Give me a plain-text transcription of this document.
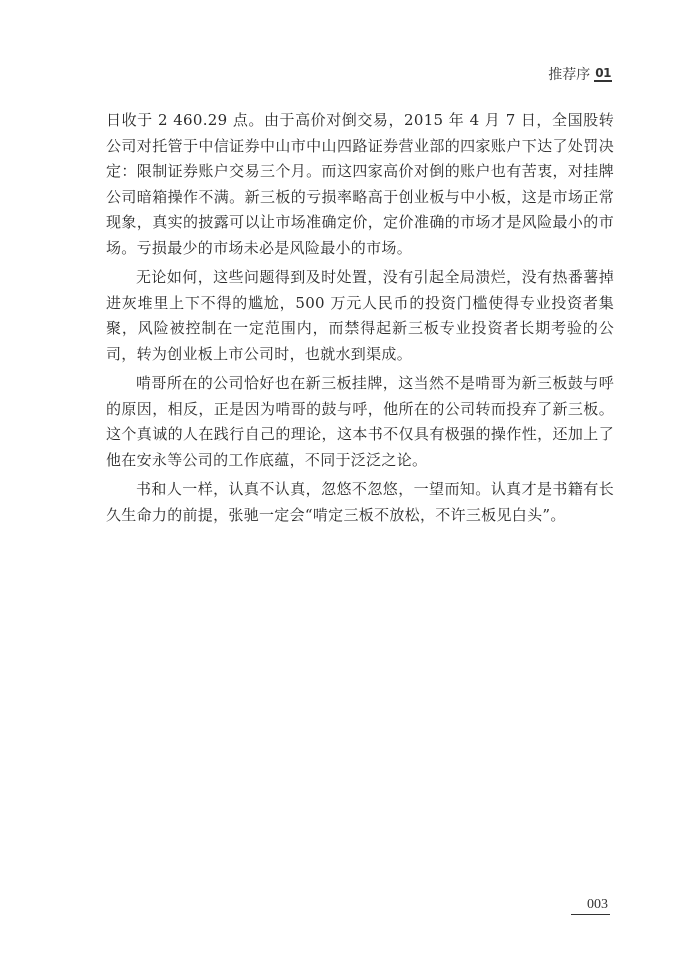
推荐序 01

日收于 2 460.29 点。由于高价对倒交易，2015 年 4 月 7 日，全国股转公司对托管于中信证券中山市中山四路证券营业部的四家账户下达了处罚决定：限制证券账户交易三个月。而这四家高价对倒的账户也有苦衷，对挂牌公司暗箱操作不满。新三板的亏损率略高于创业板与中小板，这是市场正常现象，真实的披露可以让市场准确定价，定价准确的市场才是风险最小的市场。亏损最少的市场未必是风险最小的市场。

无论如何，这些问题得到及时处置，没有引起全局溃烂，没有热番薯掉进灰堆里上下不得的尴尬，500 万元人民币的投资门槛使得专业投资者集聚，风险被控制在一定范围内，而禁得起新三板专业投资者长期考验的公司，转为创业板上市公司时，也就水到渠成。

啃哥所在的公司恰好也在新三板挂牌，这当然不是啃哥为新三板鼓与呼的原因，相反，正是因为啃哥的鼓与呼，他所在的公司转而投弃了新三板。这个真诚的人在践行自己的理论，这本书不仅具有极强的操作性，还加上了他在安永等公司的工作底蕴，不同于泛泛之论。

书和人一样，认真不认真，忽悠不忽悠，一望而知。认真才是书籍有长久生命力的前提，张驰一定会“啃定三板不放松，不许三板见白头”。

003
